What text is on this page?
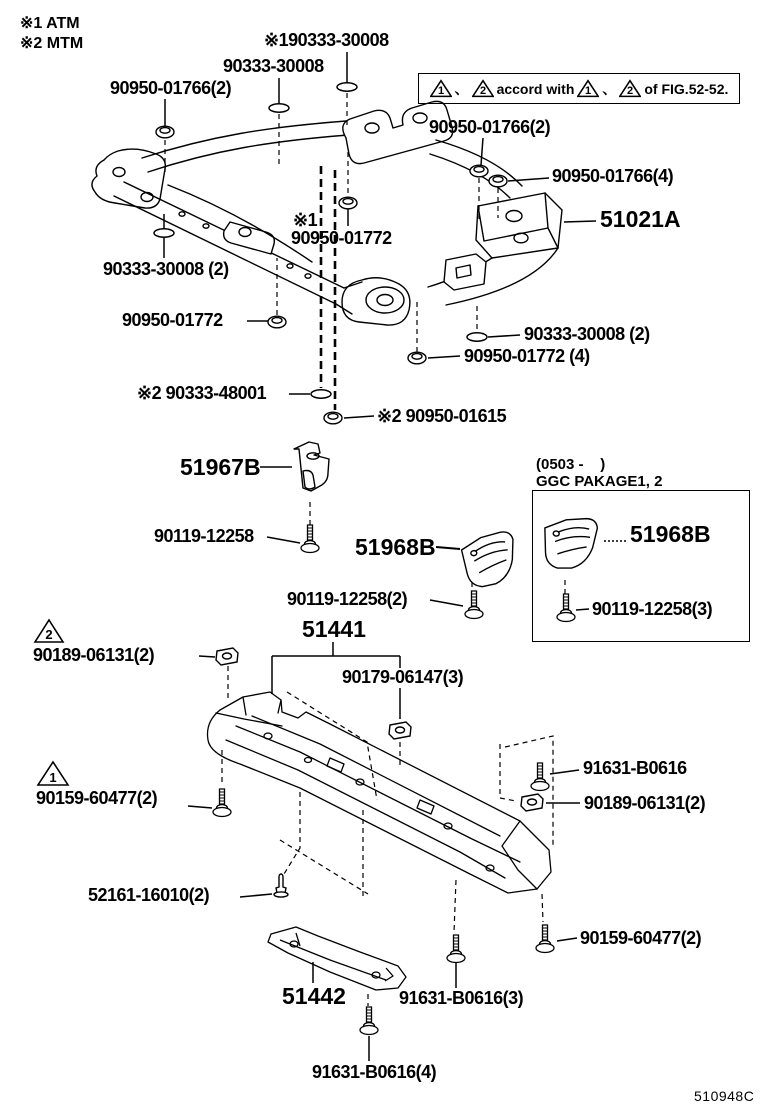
2
1
※1 ATM
※2 MTM
1 、 2 accord with 1 、 2 of FIG.52-52.
(0503 -    )
GGC PAKAGE1, 2
51968B
90119-12258(3)
※190333-30008
90333-30008
90950-01766(2)
90950-01766(2)
90950-01766(4)
51021A
※1
90950-01772
90333-30008 (2)
90950-01772
90333-30008 (2)
90950-01772 (4)
※2 90333-48001
※2 90950-01615
51967B
90119-12258	51968B
90119-12258(2)
90189-06131(2)
51441
90179-06147(3)
91631-B0616
90189-06131(2)
90159-60477(2)
52161-16010(2)
90159-60477(2)
51442	91631-B0616(3)
91631-B0616(4)
510948C
